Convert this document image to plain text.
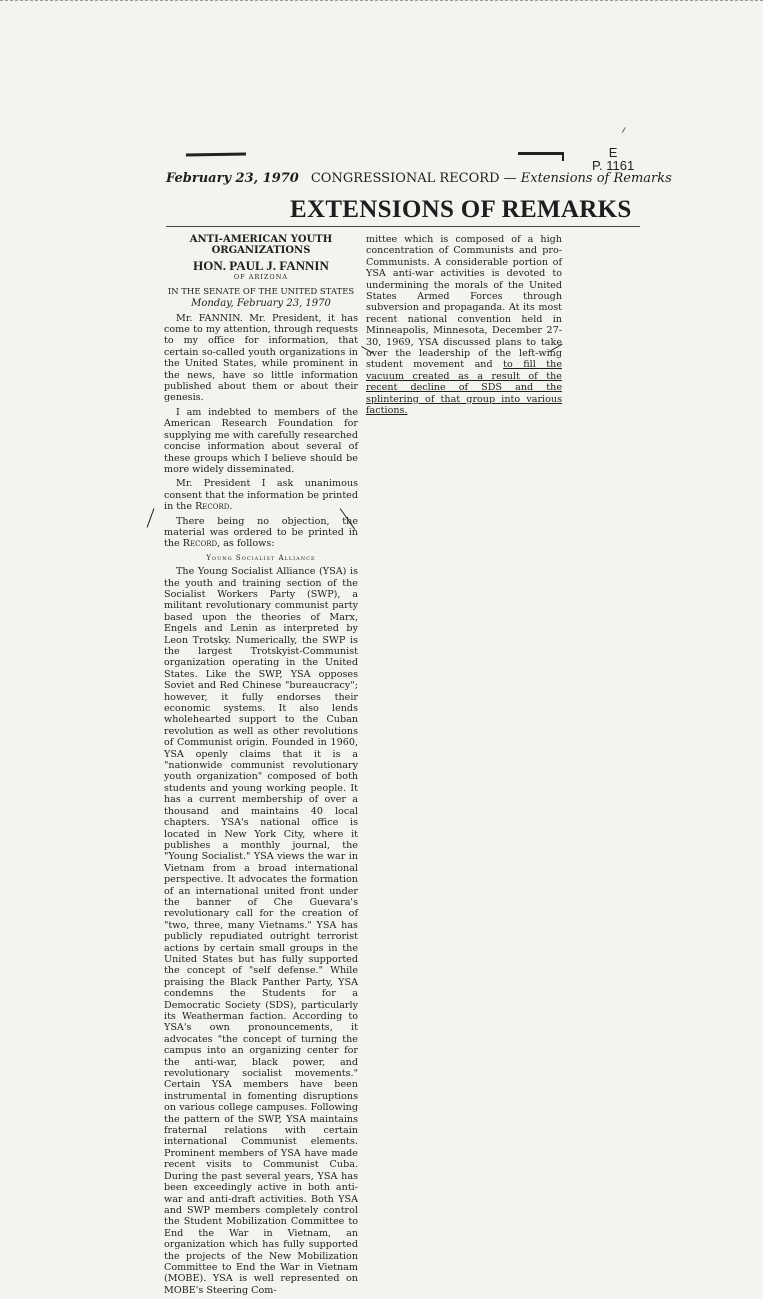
E
P. 1161
February 23, 1970 CONGRESSIONAL RECORD — Extensions of Remarks
EXTENSIONS OF REMARKS
ANTI-AMERICAN YOUTH
ORGANIZATIONS
HON. PAUL J. FANNIN
OF ARIZONA
IN THE SENATE OF THE UNITED STATES
Monday, February 23, 1970

Mr. FANNIN. Mr. President, it has come to my attention, through requests to my office for information, that certain so-called youth organizations in the United States, while prominent in the news, have so little information published about them or about their genesis.

I am indebted to members of the American Research Foundation for supplying me with carefully researched concise information about several of these groups which I believe should be more widely disseminated.

Mr. President I ask unanimous consent that the information be printed in the Record.

There being no objection, the material was ordered to be printed in the Record, as follows:

Young Socialist Alliance

The Young Socialist Alliance (YSA) is the youth and training section of the Socialist Workers Party (SWP), a militant revolutionary communist party based upon the theories of Marx, Engels and Lenin as interpreted by Leon Trotsky. Numerically, the SWP is the largest Trotskyist-Communist organization operating in the United States. Like the SWP, YSA opposes Soviet and Red Chinese "bureaucracy"; however, it fully endorses their economic systems. It also lends wholehearted support to the Cuban revolution as well as other revolutions of Communist origin. Founded in 1960, YSA openly claims that it is a "nationwide communist revolutionary youth organization" composed of both students and young working people. It has a current membership of over a thousand and maintains 40 local chapters. YSA's national office is located in New York City, where it publishes a monthly journal, the "Young Socialist." YSA views the war in Vietnam from a broad international perspective. It advocates the formation of an international united front under the banner of Che Guevara's revolutionary call for the creation of "two, three, many Vietnams." YSA has publicly repudiated outright terrorist actions by certain small groups in the United States but has fully supported the concept of "self defense." While praising the Black Panther Party, YSA condemns the Students for a Democratic Society (SDS), particularly its Weatherman faction. According to YSA's own pronouncements, it advocates "the concept of turning the campus into an organizing center for the anti-war, black power, and revolutionary socialist movements." Certain YSA members have been instrumental in fomenting disruptions on various college campuses. Following the pattern of the SWP, YSA maintains fraternal relations with certain international Communist elements. Prominent members of YSA have made recent visits to Communist Cuba. During the past several years, YSA has been exceedingly active in both anti-war and anti-draft activities. Both YSA and SWP members completely control the Student Mobilization Committee to End the War in Vietnam, an organization which has fully supported the projects of the New Mobilization Committee to End the War in Vietnam (MOBE). YSA is well represented on MOBE's Steering Com-

mittee which is composed of a high concentration of Communists and pro-Communists. A considerable portion of YSA anti-war activities is devoted to undermining the morals of the United States Armed Forces through subversion and propaganda. At its most recent national convention held in Minneapolis, Minnesota, December 27-30, 1969, YSA discussed plans to take over the leadership of the left-wing student movement and to fill the vacuum created as a result of the recent decline of SDS and the splintering of that group into various factions.
